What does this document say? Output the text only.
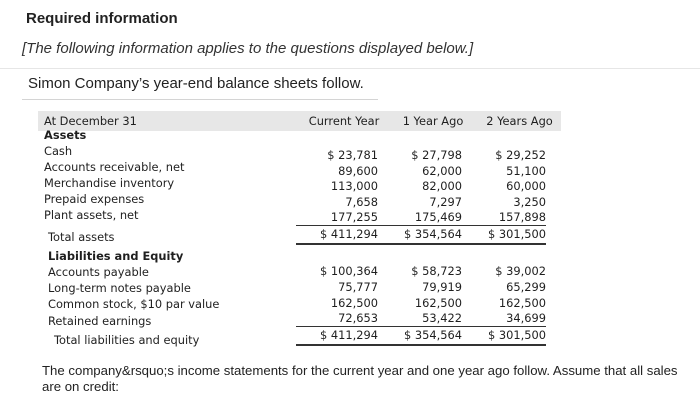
Required information
[The following information applies to the questions displayed below.]
Simon Company’s year-end balance sheets follow.
At December 31	Current Year	1 Year Ago	2 Years Ago
Assets
Cash	$ 23,781	$ 27,798	$ 29,252
Accounts receivable, net	89,600	62,000	51,100
Merchandise inventory	113,000	82,000	60,000
Prepaid expenses	7,658	7,297	3,250
Plant assets, net	177,255	175,469	157,898
Total assets	$ 411,294	$ 354,564	$ 301,500
Liabilities and Equity
Accounts payable	$ 100,364	$ 58,723	$ 39,002
Long-term notes payable	75,777	79,919	65,299
Common stock, $10 par value	162,500	162,500	162,500
Retained earnings	72,653	53,422	34,699
Total liabilities and equity	$ 411,294	$ 354,564	$ 301,500
The company&rsquo;s income statements for the current year and one year ago follow. Assume that all sales are on credit:
